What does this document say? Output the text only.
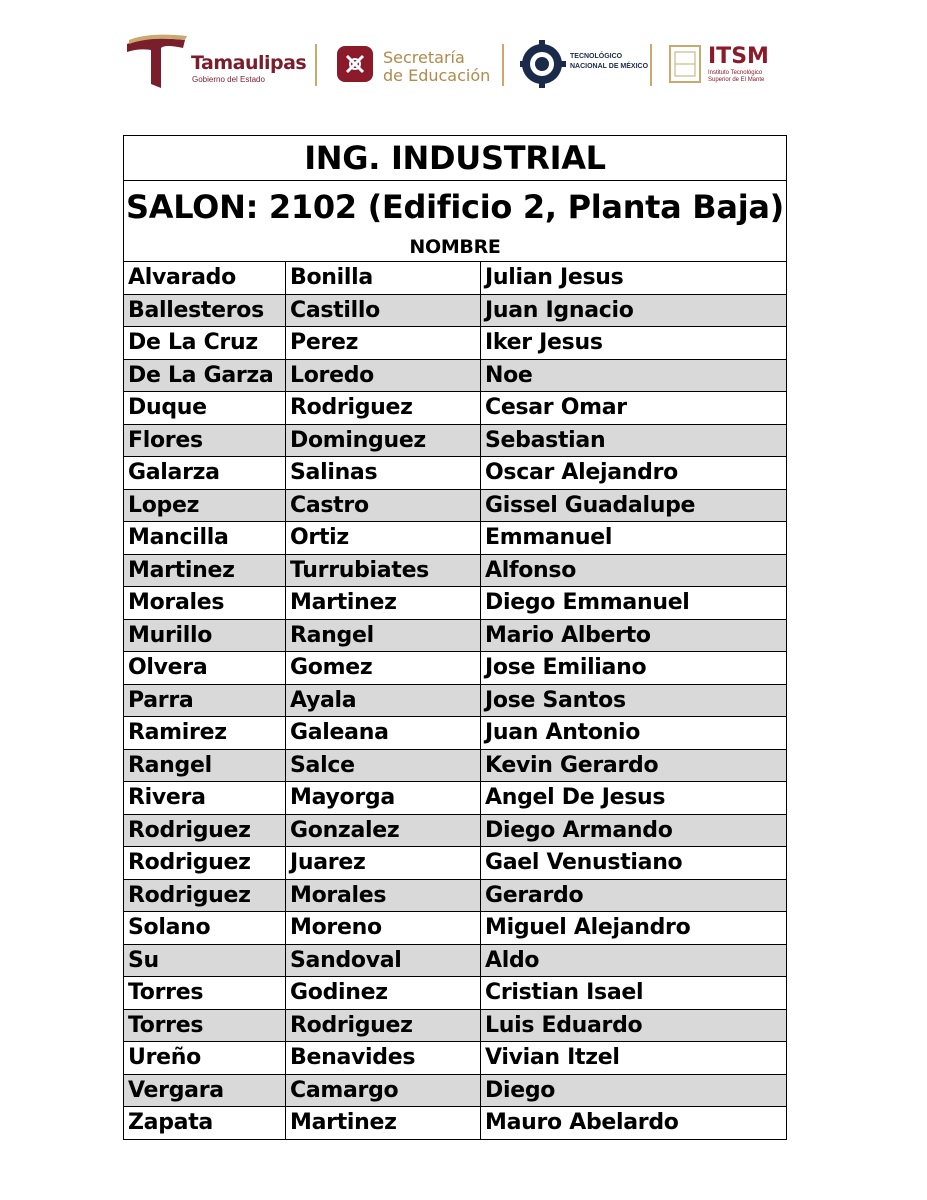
Tamaulipas
Gobierno del Estado
Secretaría
de Educación
TECNOLÓGICO
NACIONAL DE MÉXICO	ITSM
Instituto Tecnológico Superior de El Mante
ING. INDUSTRIAL		
SALON: 2102 (Edificio 2, Planta Baja)		
NOMBRE		
Alvarado	Bonilla	Julian Jesus
Ballesteros	Castillo	Juan Ignacio
De La Cruz	Perez	Iker Jesus
De La Garza	Loredo	Noe
Duque	Rodriguez	Cesar Omar
Flores	Dominguez	Sebastian
Galarza	Salinas	Oscar Alejandro
Lopez	Castro	Gissel Guadalupe
Mancilla	Ortiz	Emmanuel
Martinez	Turrubiates	Alfonso
Morales	Martinez	Diego Emmanuel
Murillo	Rangel	Mario Alberto
Olvera	Gomez	Jose Emiliano
Parra	Ayala	Jose Santos
Ramirez	Galeana	Juan Antonio
Rangel	Salce	Kevin Gerardo
Rivera	Mayorga	Angel De Jesus
Rodriguez	Gonzalez	Diego Armando
Rodriguez	Juarez	Gael Venustiano
Rodriguez	Morales	Gerardo
Solano	Moreno	Miguel Alejandro
Su	Sandoval	Aldo
Torres	Godinez	Cristian Isael
Torres	Rodriguez	Luis Eduardo
Ureño	Benavides	Vivian Itzel
Vergara	Camargo	Diego
Zapata	Martinez	Mauro Abelardo
